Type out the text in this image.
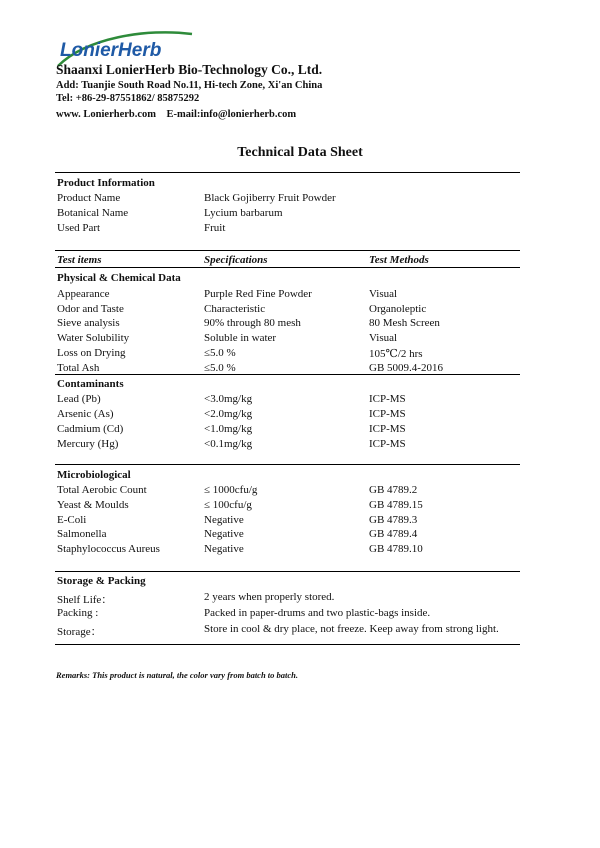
LonierHerb
Shaanxi LonierHerb Bio-Technology Co., Ltd.
Add: Tuanjie South Road No.11, Hi-tech Zone, Xi'an China
Tel: +86-29-87551862/ 85875292
www. Lonierherb.com    E-mail:info@lonierherb.com
Technical Data Sheet
Product Information
Product Name	Black Gojiberry Fruit Powder
Botanical Name	Lycium barbarum
Used Part	Fruit
Test items	Specifications	Test Methods
Physical & Chemical Data
Appearance	Purple Red Fine Powder	Visual
Odor and Taste	Characteristic	Organoleptic
Sieve analysis	90% through 80 mesh	80 Mesh Screen
Water Solubility	Soluble in water	Visual
Loss on Drying	≤5.0 %	105℃/2 hrs
Total Ash	≤5.0 %	GB 5009.4-2016
Contaminants
Lead (Pb)	<3.0mg/kg	ICP-MS
Arsenic (As)	<2.0mg/kg	ICP-MS
Cadmium (Cd)	<1.0mg/kg	ICP-MS
Mercury (Hg)	<0.1mg/kg	ICP-MS
Microbiological
Total Aerobic Count	≤ 1000cfu/g	GB 4789.2
Yeast & Moulds	≤ 100cfu/g	GB 4789.15
E-Coli	Negative	GB 4789.3
Salmonella	Negative	GB 4789.4
Staphylococcus Aureus	Negative	GB 4789.10
Storage & Packing
Shelf Life：	2 years when properly stored.
Packing :	Packed in paper-drums and two plastic-bags inside.
Storage：	Store in cool & dry place, not freeze. Keep away from strong light.
Remarks: This product is natural, the color vary from batch to batch.
